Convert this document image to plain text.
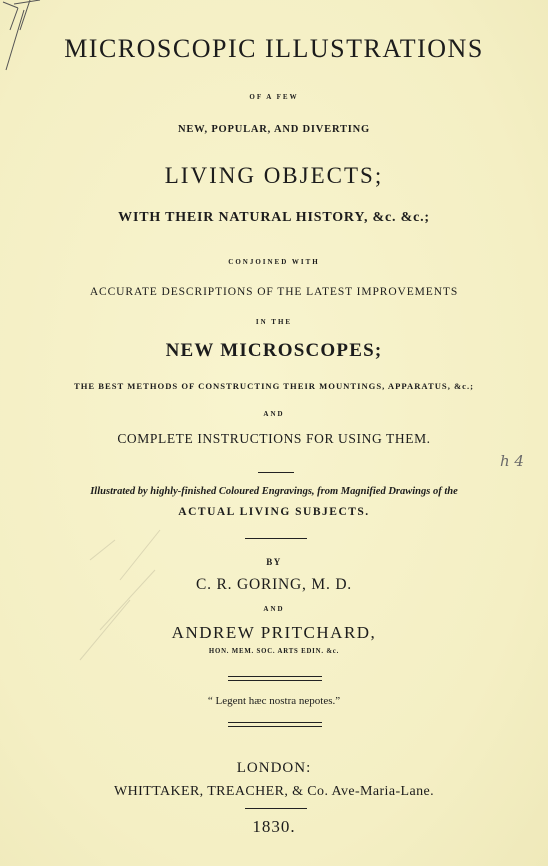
MICROSCOPIC ILLUSTRATIONS
OF A FEW
NEW, POPULAR, AND DIVERTING
LIVING OBJECTS;
WITH THEIR NATURAL HISTORY, &c. &c.;
CONJOINED WITH
ACCURATE DESCRIPTIONS OF THE LATEST IMPROVEMENTS
IN THE
NEW MICROSCOPES;
THE BEST METHODS OF CONSTRUCTING THEIR MOUNTINGS, APPARATUS, &c.;
AND
COMPLETE INSTRUCTIONS FOR USING THEM.
h 4
Illustrated by highly-finished Coloured Engravings, from Magnified Drawings of the
ACTUAL LIVING SUBJECTS.
BY
C. R. GORING, M. D.
AND
ANDREW PRITCHARD,
HON. MEM. SOC. ARTS EDIN. &c.
“ Legent hæc nostra nepotes.”
LONDON:
WHITTAKER, TREACHER, & Co. Ave-Maria-Lane.
1830.
